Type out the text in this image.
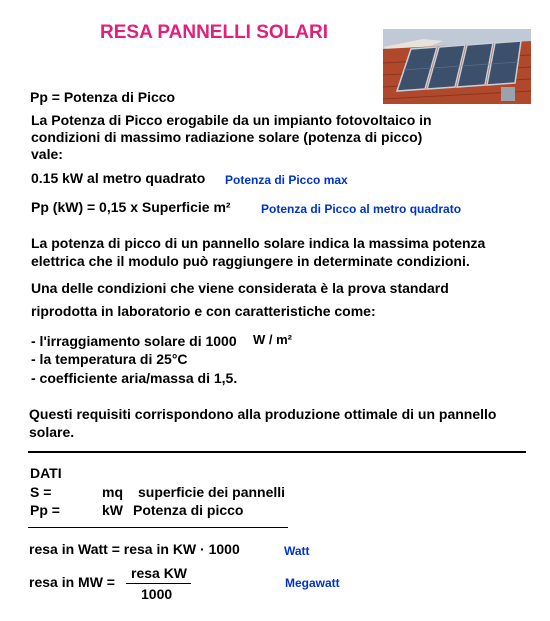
RESA PANNELLI SOLARI
Pp = Potenza di Picco
La Potenza di Picco erogabile da un impianto fotovoltaico in
condizioni di massimo radiazione solare (potenza di picco)
vale:
0.15 kW al metro quadrato Potenza di Picco max
Pp (kW) = 0,15 x Superficie m²	Potenza di Picco al metro quadrato
La potenza di picco di un pannello solare indica la massima potenza
elettrica che il modulo può raggiungere in determinate condizioni.
Una delle condizioni che viene considerata è la prova standard
riprodotta in laboratorio e con caratteristiche come:
- l'irraggiamento solare di 1000 W / m²
- la temperatura di 25°C
- coefficiente aria/massa di 1,5.
Questi requisiti corrispondono alla produzione ottimale di un pannello
solare.
DATI
S =	mq superficie dei pannelli
Pp =	kW Potenza di picco
resa in Watt = resa in KW · 1000	Watt
resa in MW =
resa KW
1000
Megawatt
